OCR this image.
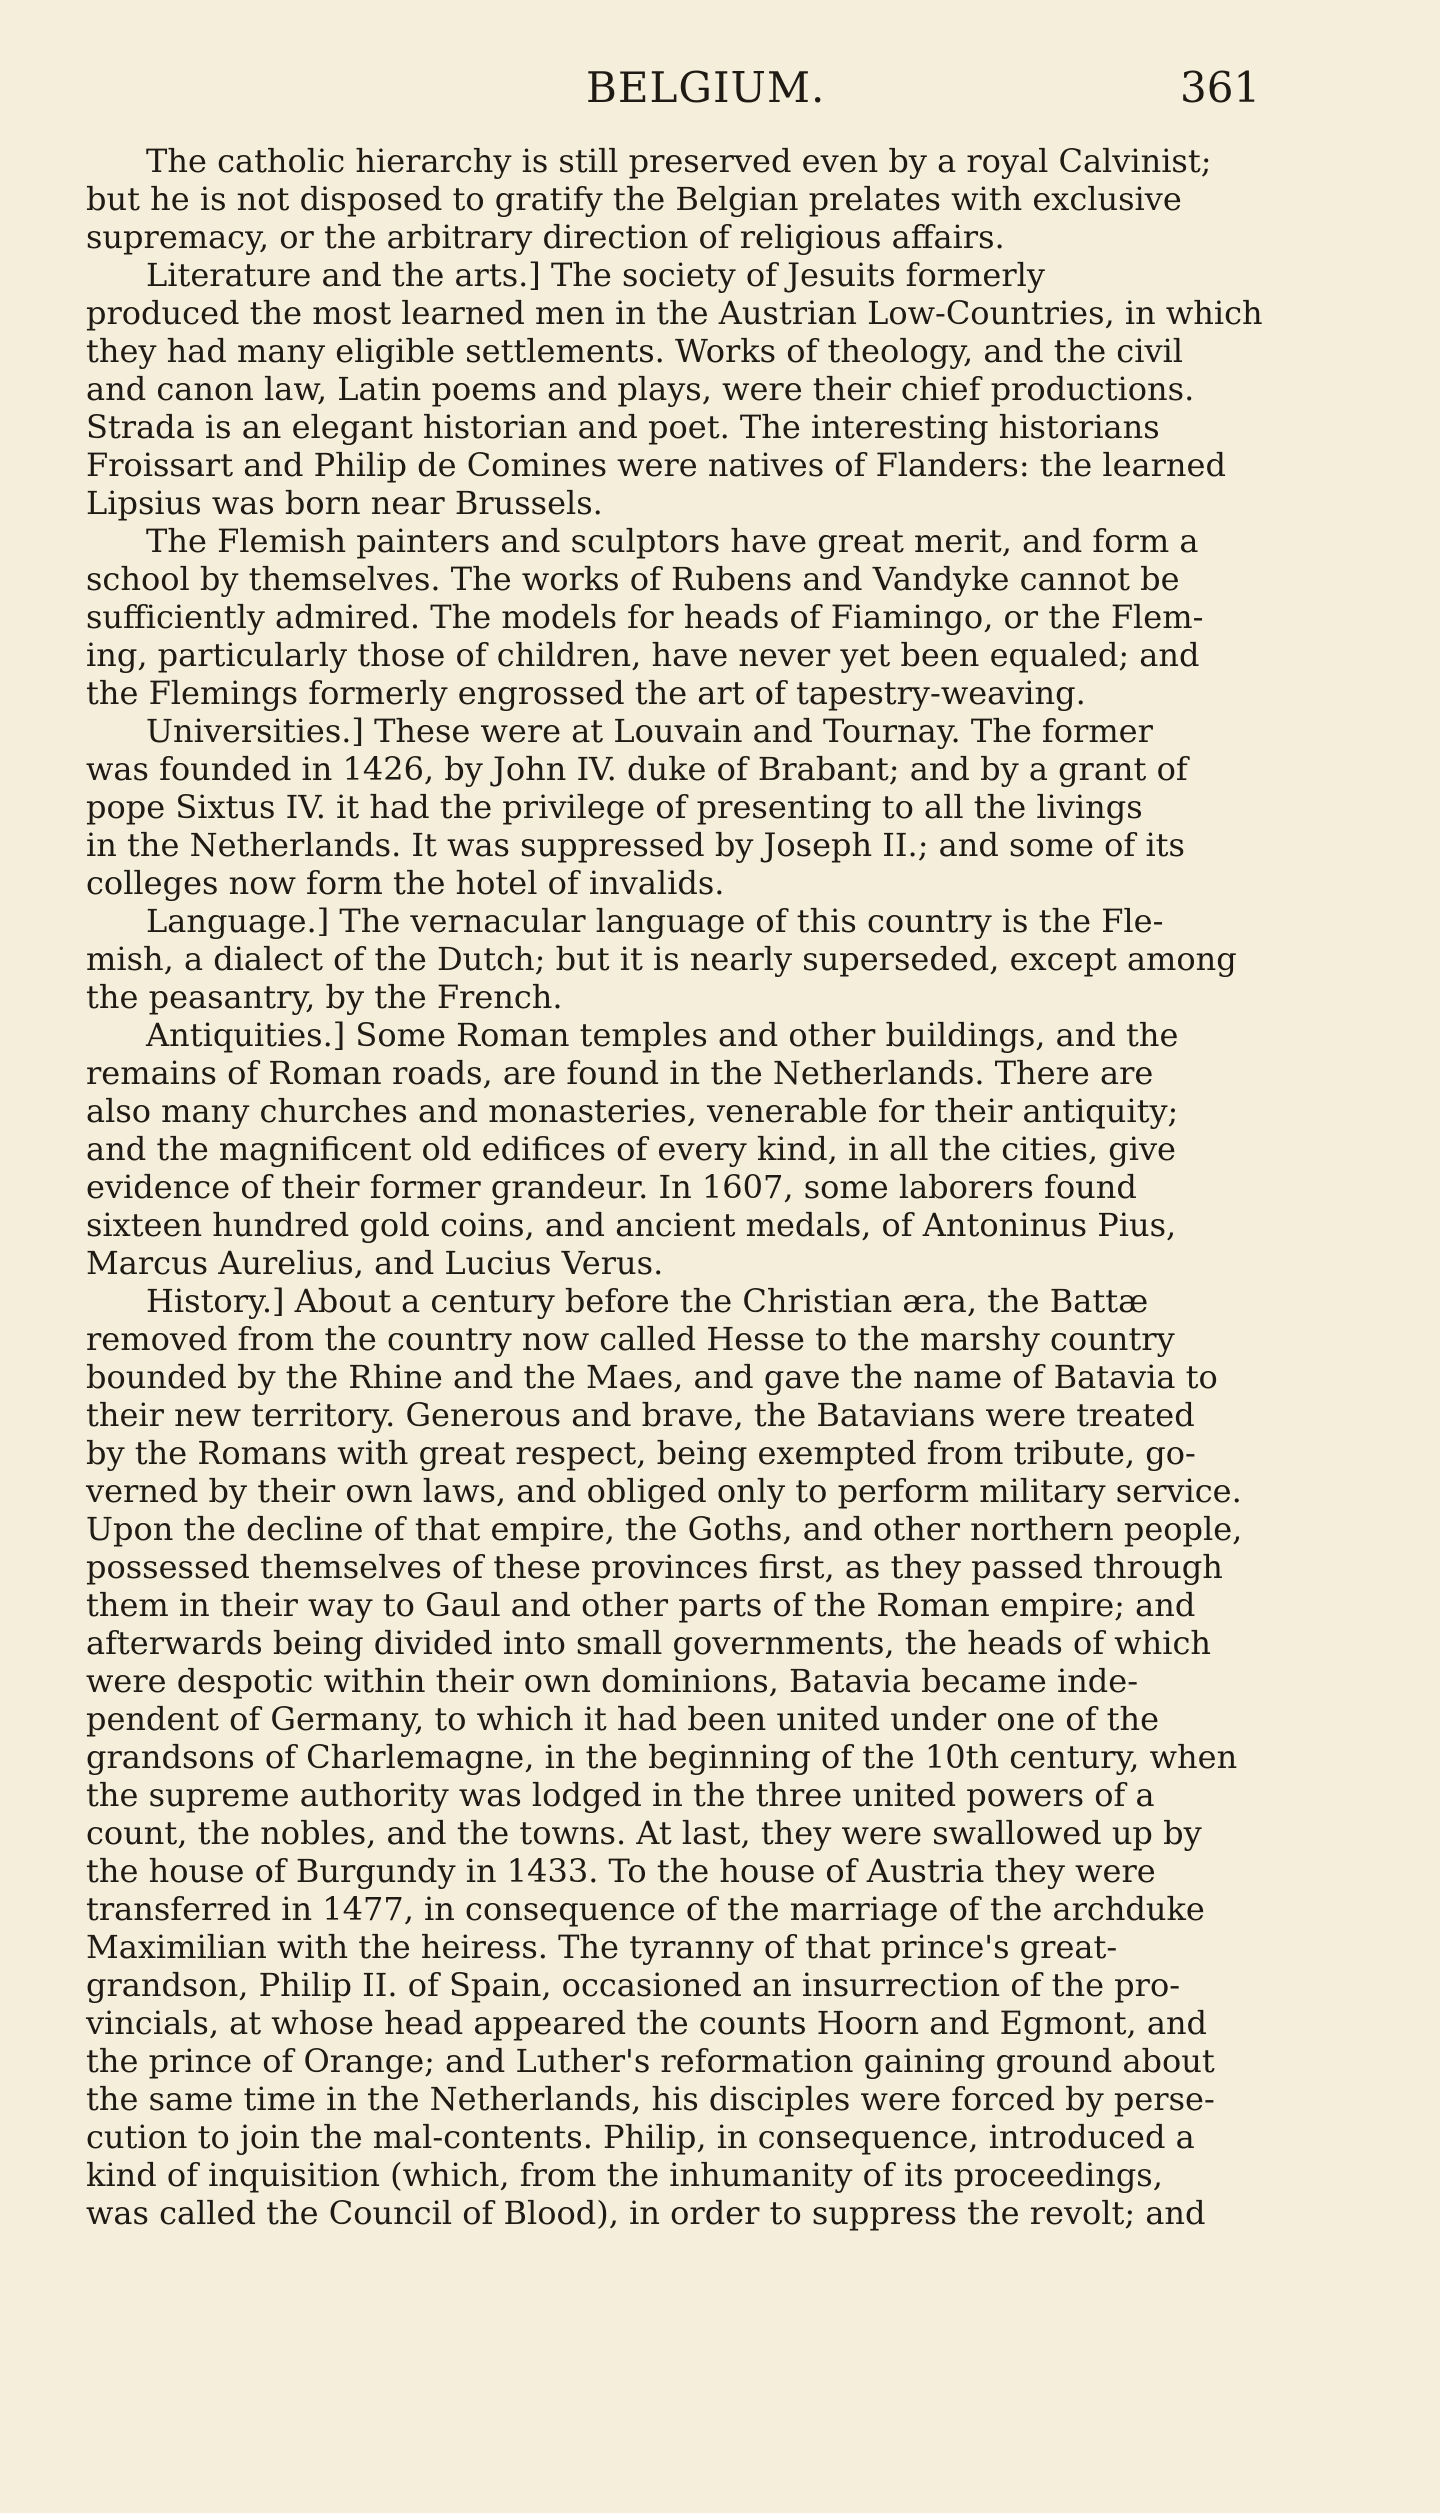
BELGIUM.	361
The catholic hierarchy is still preserved even by a royal Calvinist;
but he is not disposed to gratify the Belgian prelates with exclusive
supremacy, or the arbitrary direction of religious affairs.
Literature and the arts.] The society of Jesuits formerly
produced the most learned men in the Austrian Low-Countries, in which
they had many eligible settlements. Works of theology, and the civil
and canon law, Latin poems and plays, were their chief productions.
Strada is an elegant historian and poet. The interesting historians
Froissart and Philip de Comines were natives of Flanders: the learned
Lipsius was born near Brussels.
The Flemish painters and sculptors have great merit, and form a
school by themselves. The works of Rubens and Vandyke cannot be
sufficiently admired. The models for heads of Fiamingo, or the Flem-
ing, particularly those of children, have never yet been equaled; and
the Flemings formerly engrossed the art of tapestry-weaving.
Universities.] These were at Louvain and Tournay. The former
was founded in 1426, by John IV. duke of Brabant; and by a grant of
pope Sixtus IV. it had the privilege of presenting to all the livings
in the Netherlands. It was suppressed by Joseph II.; and some of its
colleges now form the hotel of invalids.
Language.] The vernacular language of this country is the Fle-
mish, a dialect of the Dutch; but it is nearly superseded, except among
the peasantry, by the French.
Antiquities.] Some Roman temples and other buildings, and the
remains of Roman roads, are found in the Netherlands. There are
also many churches and monasteries, venerable for their antiquity;
and the magnificent old edifices of every kind, in all the cities, give
evidence of their former grandeur. In 1607, some laborers found
sixteen hundred gold coins, and ancient medals, of Antoninus Pius,
Marcus Aurelius, and Lucius Verus.
History.] About a century before the Christian æra, the Battæ
removed from the country now called Hesse to the marshy country
bounded by the Rhine and the Maes, and gave the name of Batavia to
their new territory. Generous and brave, the Batavians were treated
by the Romans with great respect, being exempted from tribute, go-
verned by their own laws, and obliged only to perform military service.
Upon the decline of that empire, the Goths, and other northern people,
possessed themselves of these provinces first, as they passed through
them in their way to Gaul and other parts of the Roman empire; and
afterwards being divided into small governments, the heads of which
were despotic within their own dominions, Batavia became inde-
pendent of Germany, to which it had been united under one of the
grandsons of Charlemagne, in the beginning of the 10th century, when
the supreme authority was lodged in the three united powers of a
count, the nobles, and the towns. At last, they were swallowed up by
the house of Burgundy in 1433. To the house of Austria they were
transferred in 1477, in consequence of the marriage of the archduke
Maximilian with the heiress. The tyranny of that prince's great-
grandson, Philip II. of Spain, occasioned an insurrection of the pro-
vincials, at whose head appeared the counts Hoorn and Egmont, and
the prince of Orange; and Luther's reformation gaining ground about
the same time in the Netherlands, his disciples were forced by perse-
cution to join the mal-contents. Philip, in consequence, introduced a
kind of inquisition (which, from the inhumanity of its proceedings,
was called the Council of Blood), in order to suppress the revolt; and
